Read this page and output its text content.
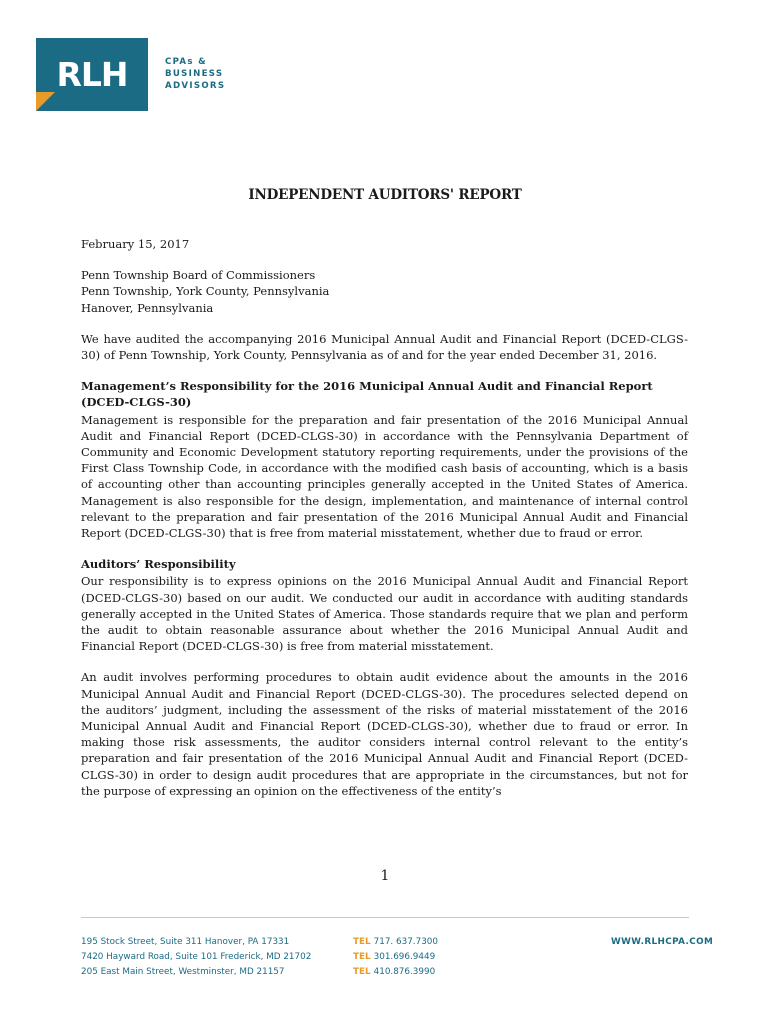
RLH	CPAs &
BUSINESS
ADVISORS
INDEPENDENT AUDITORS' REPORT

February 15, 2017

Penn Township Board of Commissioners
Penn Township, York County, Pennsylvania
Hanover, Pennsylvania

We have audited the accompanying 2016 Municipal Annual Audit and Financial Report (DCED-CLGS-30) of Penn Township, York County, Pennsylvania as of and for the year ended December 31, 2016.

Management’s Responsibility for the 2016 Municipal Annual Audit and Financial Report (DCED-CLGS-30)

Management is responsible for the preparation and fair presentation of the 2016 Municipal Annual Audit and Financial Report (DCED-CLGS-30) in accordance with the Pennsylvania Department of Community and Economic Development statutory reporting requirements, under the provisions of the First Class Township Code, in accordance with the modified cash basis of accounting, which is a basis of accounting other than accounting principles generally accepted in the United States of America. Management is also responsible for the design, implementation, and maintenance of internal control relevant to the preparation and fair presentation of the 2016 Municipal Annual Audit and Financial Report (DCED-CLGS-30) that is free from material misstatement, whether due to fraud or error.

Auditors’ Responsibility

Our responsibility is to express opinions on the 2016 Municipal Annual Audit and Financial Report (DCED-CLGS-30) based on our audit. We conducted our audit in accordance with auditing standards generally accepted in the United States of America. Those standards require that we plan and perform the audit to obtain reasonable assurance about whether the 2016 Municipal Annual Audit and Financial Report (DCED-CLGS-30) is free from material misstatement.

An audit involves performing procedures to obtain audit evidence about the amounts in the 2016 Municipal Annual Audit and Financial Report (DCED-CLGS-30). The procedures selected depend on the auditors’ judgment, including the assessment of the risks of material misstatement of the 2016 Municipal Annual Audit and Financial Report (DCED-CLGS-30), whether due to fraud or error. In making those risk assessments, the auditor considers internal control relevant to the entity’s preparation and fair presentation of the 2016 Municipal Annual Audit and Financial Report (DCED-CLGS-30) in order to design audit procedures that are appropriate in the circumstances, but not for the purpose of expressing an opinion on the effectiveness of the entity’s

1
195 Stock Street, Suite 311 Hanover, PA 17331
7420 Hayward Road, Suite 101 Frederick, MD 21702
205 East Main Street, Westminster, MD 21157
TEL 717. 637.7300
TEL 301.696.9449
TEL 410.876.3990
WWW.RLHCPA.COM
